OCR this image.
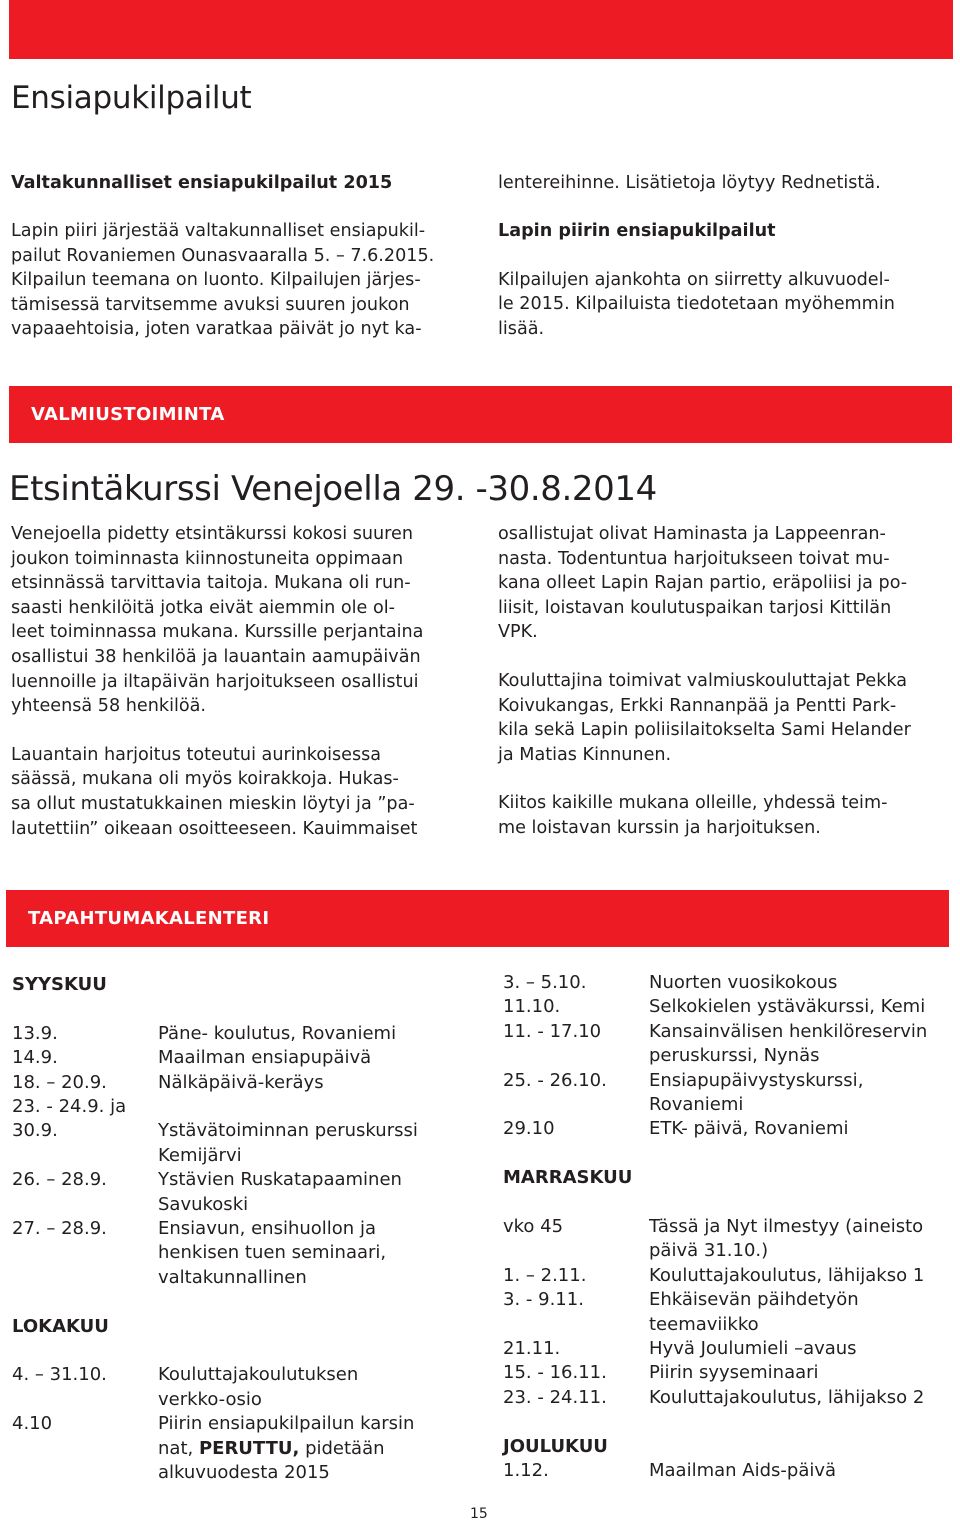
Ensiapukilpailut

Valtakunnalliset ensiapukilpailut 2015

Lapin piiri järjestää valtakunnalliset ensiapukil-
pailut Rovaniemen Ounasvaaralla 5. – 7.6.2015.
Kilpailun teemana on luonto. Kilpailujen järjes-
tämisessä tarvitsemme avuksi suuren joukon
vapaaehtoisia, joten varatkaa päivät jo nyt ka-

lentereihinne. Lisätietoja löytyy Rednetistä.

Lapin piirin ensiapukilpailut

Kilpailujen ajankohta on siirretty alkuvuodel-
le 2015. Kilpailuista tiedotetaan myöhemmin
lisää.
VALMIUSTOIMINTA
Etsintäkurssi Venejoella 29. -30.8.2014
Venejoella pidetty etsintäkurssi kokosi suuren
joukon toiminnasta kiinnostuneita oppimaan
etsinnässä tarvittavia taitoja. Mukana oli run-
saasti henkilöitä jotka eivät aiemmin ole ol-
leet toiminnassa mukana. Kurssille perjantaina
osallistui 38 henkilöä ja lauantain aamupäivän
luennoille ja iltapäivän harjoitukseen osallistui
yhteensä 58 henkilöä.
Lauantain harjoitus toteutui aurinkoisessa
säässä, mukana oli myös koirakkoja. Hukas-
sa ollut mustatukkainen mieskin löytyi ja ”pa-
lautettiin” oikeaan osoitteeseen. Kauimmaiset
osallistujat olivat Haminasta ja Lappeenran-
nasta. Todentuntua harjoitukseen toivat mu-
kana olleet Lapin Rajan partio, eräpoliisi ja po-
liisit, loistavan koulutuspaikan tarjosi Kittilän
VPK.
Kouluttajina toimivat valmiuskouluttajat Pekka
Koivukangas, Erkki Rannanpää ja Pentti Park-
kila sekä Lapin poliisilaitokselta Sami Helander
ja Matias Kinnunen.
Kiitos kaikille mukana olleille, yhdessä teim-
me loistavan kurssin ja harjoituksen.
TAPAHTUMAKALENTERI
SYYSKUU	

13.9.	Päne- koulutus, Rovaniemi
14.9.	Maailman ensiapupäivä
18. – 20.9.	Nälkäpäivä-keräys
23. - 24.9. ja	
30.9.	Ystävätoiminnan peruskurssi
	Kemijärvi
26. – 28.9.	Ystävien Ruskatapaaminen
	Savukoski
27. – 28.9.	Ensiavun, ensihuollon ja
	henkisen tuen seminaari,
	valtakunnallinen

LOKAKUU	

4. – 31.10.	Kouluttajakoulutuksen
	verkko-osio
4.10	Piirin ensiapukilpailun karsin
	nat, PERUTTU, pidetään
	alkuvuodesta 2015
3. – 5.10.	Nuorten vuosikokous
11.10.	Selkokielen ystäväkurssi, Kemi
11. - 17.10	Kansainvälisen henkilöreservin
	peruskurssi, Nynäs
25. - 26.10.	Ensiapupäivystyskurssi,
	Rovaniemi
29.10	ETK- päivä, Rovaniemi

MARRASKUU	

vko 45	Tässä ja Nyt ilmestyy (aineisto
	päivä 31.10.)
1. – 2.11.	Kouluttajakoulutus, lähijakso 1
3. - 9.11.	Ehkäisevän päihdetyön
	teemaviikko
21.11.	Hyvä Joulumieli –avaus
15. - 16.11.	Piirin syyseminaari
23. - 24.11.	Kouluttajakoulutus, lähijakso 2

JOULUKUU	
1.12.	Maailman Aids-päivä
15
